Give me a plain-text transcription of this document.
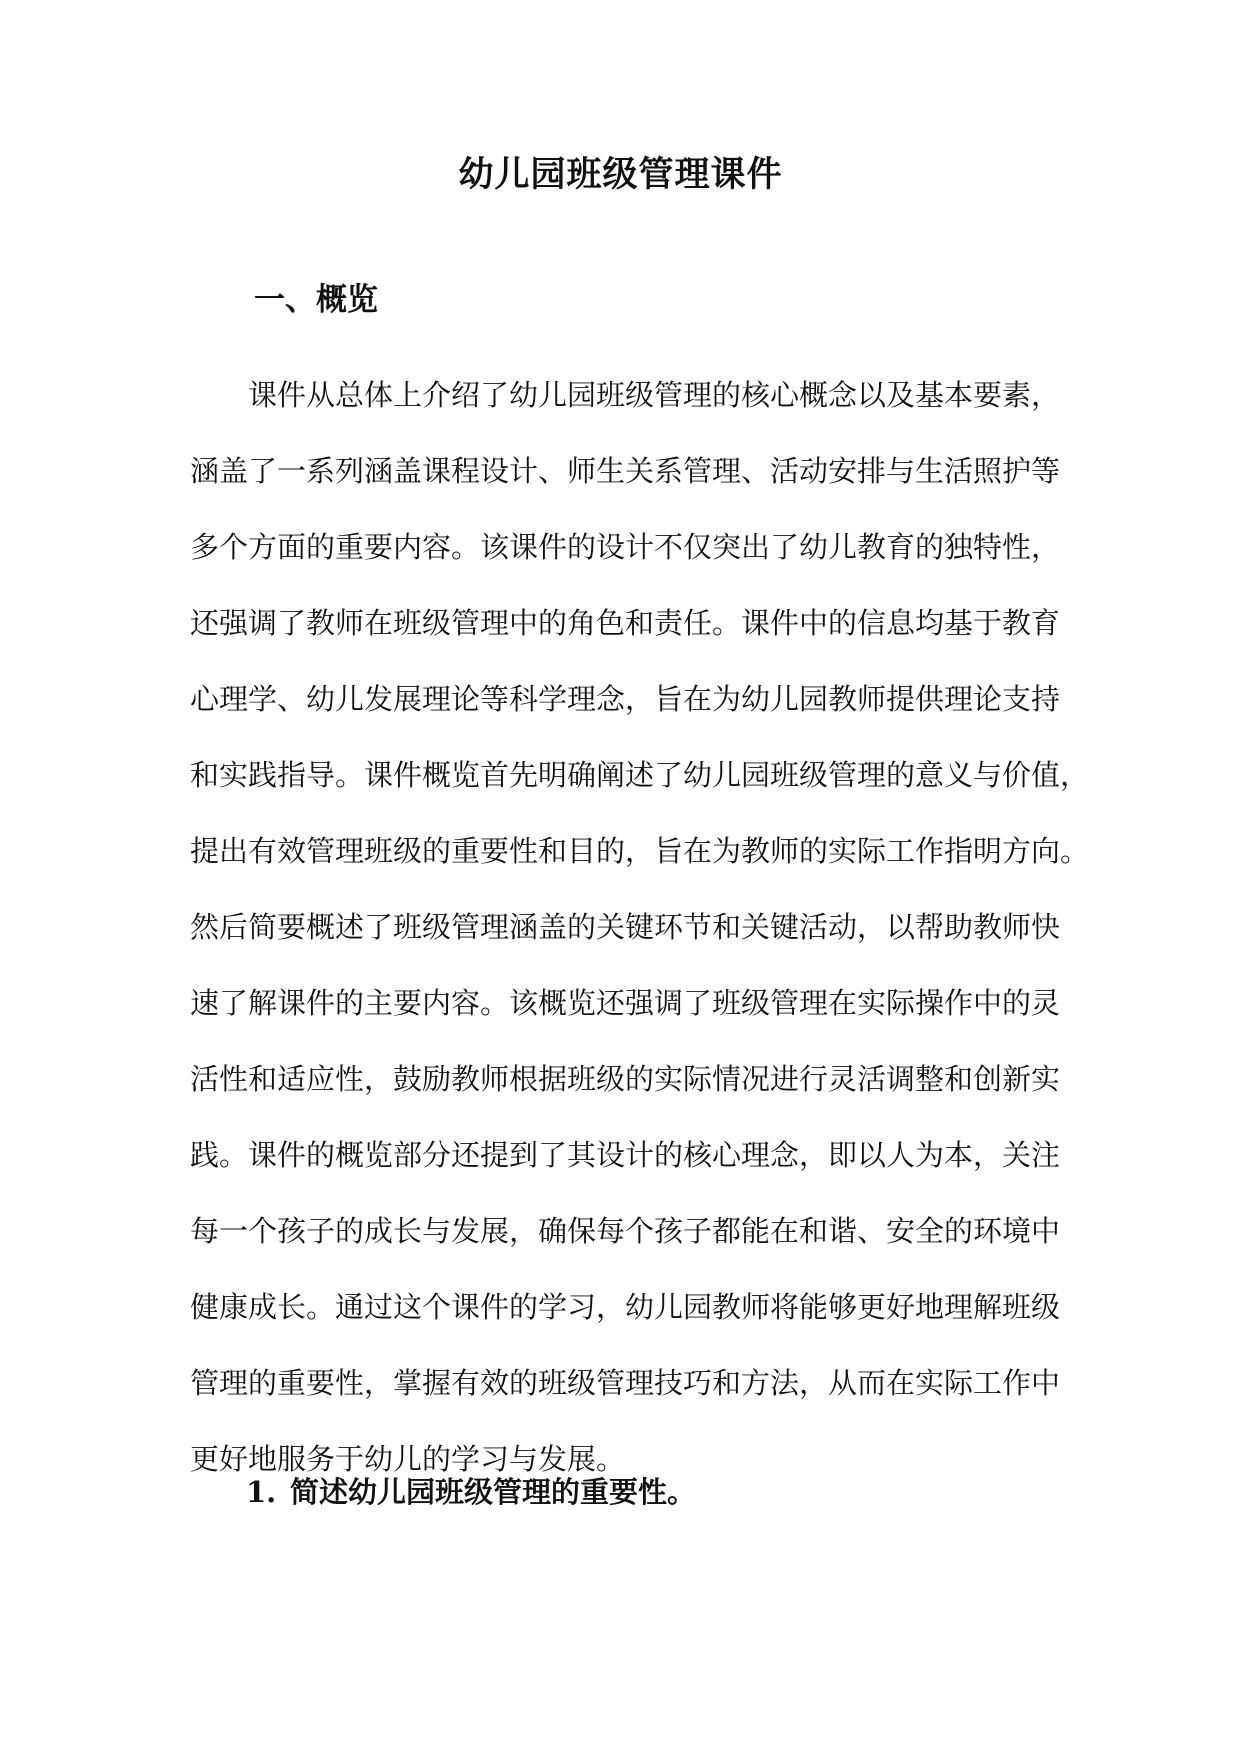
幼儿园班级管理课件
一、概览
课件从总体上介绍了幼儿园班级管理的核心概念以及基本要素，
涵盖了一系列涵盖课程设计、师生关系管理、活动安排与生活照护等
多个方面的重要内容。该课件的设计不仅突出了幼儿教育的独特性，
还强调了教师在班级管理中的角色和责任。课件中的信息均基于教育
心理学、幼儿发展理论等科学理念，旨在为幼儿园教师提供理论支持
和实践指导。课件概览首先明确阐述了幼儿园班级管理的意义与价值，
提出有效管理班级的重要性和目的，旨在为教师的实际工作指明方向。
然后简要概述了班级管理涵盖的关键环节和关键活动，以帮助教师快
速了解课件的主要内容。该概览还强调了班级管理在实际操作中的灵
活性和适应性，鼓励教师根据班级的实际情况进行灵活调整和创新实
践。课件的概览部分还提到了其设计的核心理念，即以人为本，关注
每一个孩子的成长与发展，确保每个孩子都能在和谐、安全的环境中
健康成长。通过这个课件的学习，幼儿园教师将能够更好地理解班级
管理的重要性，掌握有效的班级管理技巧和方法，从而在实际工作中
更好地服务于幼儿的学习与发展。
1. 简述幼儿园班级管理的重要性。
